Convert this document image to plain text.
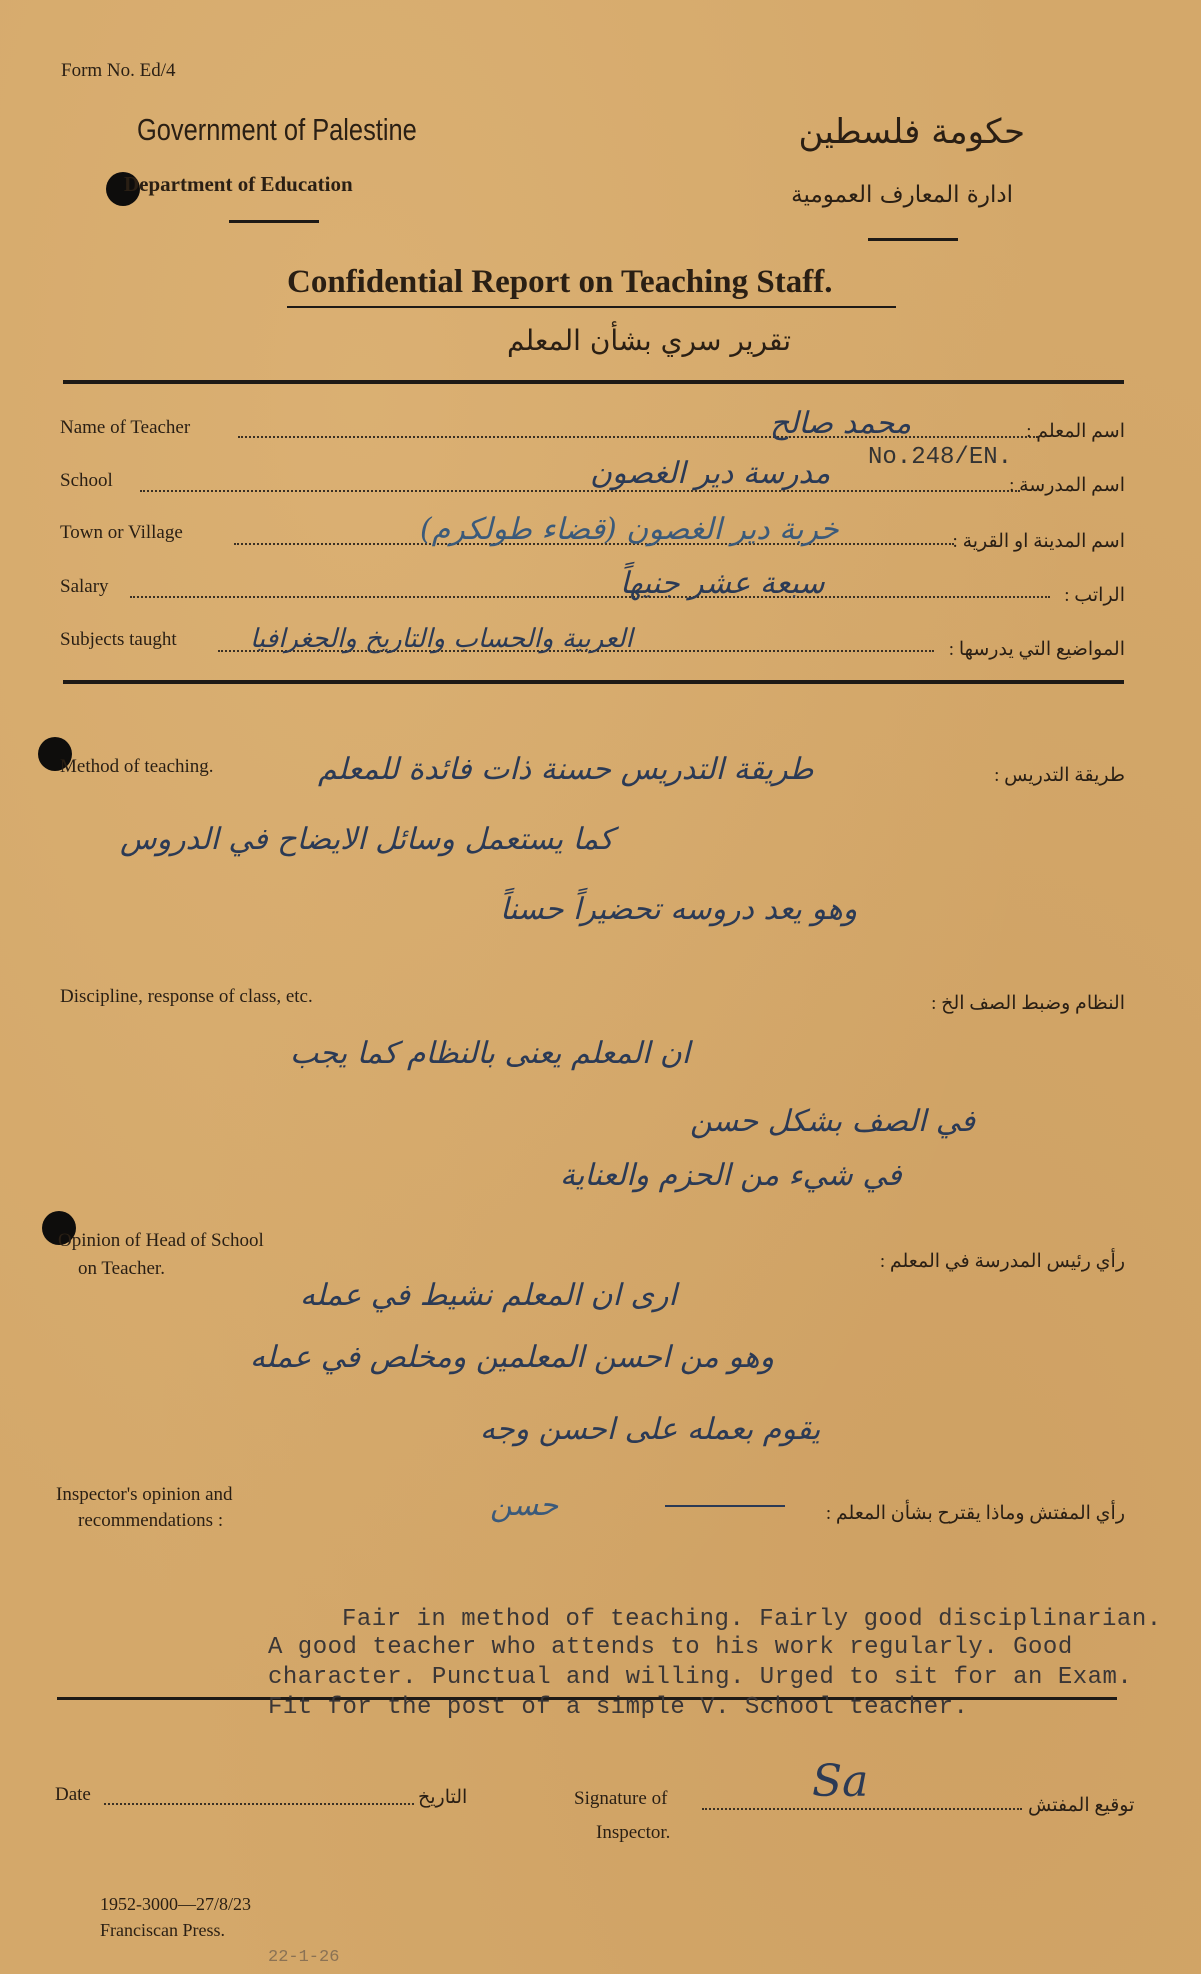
Form No. Ed/4
Government of Palestine
Department of Education
حكومة فلسطين
ادارة المعارف العمومية
Confidential Report on Teaching Staff.
تقرير سري بشأن المعلم
Name of Teacher	محمد صالح	اسم المعلم :
No.248/EN.
School	مدرسة دير الغصون	اسم المدرسة :
Town or Village	خربة دير الغصون (قضاء طولكرم)	اسم المدينة او القرية :
Salary	سبعة عشر جنيهاً	الراتب :
Subjects taught	العربية والحساب والتاريخ والجغرافيا	المواضيع التي يدرسها :
Method of teaching.	طريقة التدريس :
طريقة التدريس حسنة ذات فائدة للمعلم
كما يستعمل وسائل الايضاح في الدروس
وهو يعد دروسه تحضيراً حسناً
Discipline, response of class, etc.	النظام وضبط الصف الخ :
ان المعلم يعنى بالنظام كما يجب
في الصف بشكل حسن
في شيء من الحزم والعناية
Opinion of Head of School
on Teacher.	رأي رئيس المدرسة في المعلم :
ارى ان المعلم نشيط في عمله
وهو من احسن المعلمين ومخلص في عمله
يقوم بعمله على احسن وجه
Inspector's opinion and
recommendations :	رأي المفتش وماذا يقترح بشأن المعلم :
حسن
Fair in method of teaching. Fairly good disciplinarian.
A good teacher who attends to his work regularly. Good
character. Punctual and willing. Urged to sit for an Exam.
Fit for the post of a simple V. School teacher.
Date	التاريخ	Signature of	Sa	توقيع المفتش
Inspector.
1952-3000—27/8/23
Franciscan Press.
22-1-26
